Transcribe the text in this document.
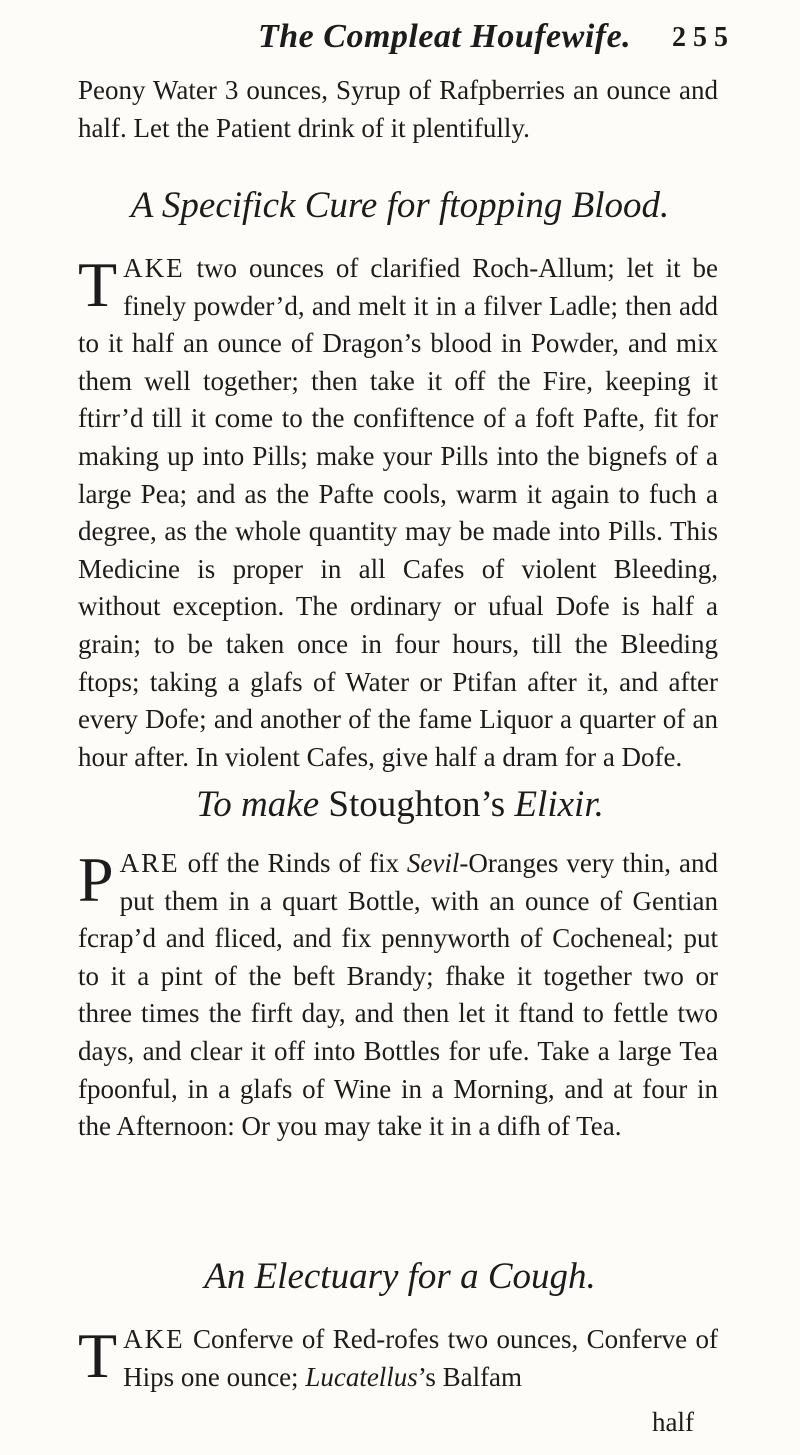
The Compleat Houfewife. 2 5 5

Peony Water 3 ounces, Syrup of Rafpberries an ounce and half. Let the Patient drink of it plentifully.

A Specifick Cure for ftopping Blood.

TAKE two ounces of clarified Roch-Allum; let it be finely powder’d, and melt it in a filver Ladle; then add to it half an ounce of Dragon’s blood in Powder, and mix them well together; then take it off the Fire, keeping it ftirr’d till it come to the confiftence of a foft Pafte, fit for making up into Pills; make your Pills into the bignefs of a large Pea; and as the Pafte cools, warm it again to fuch a degree, as the whole quantity may be made into Pills. This Medicine is proper in all Cafes of violent Bleeding, without exception. The ordinary or ufual Dofe is half a grain; to be taken once in four hours, till the Bleeding ftops; taking a glafs of Water or Ptifan after it, and after every Dofe; and another of the fame Liquor a quarter of an hour after. In violent Cafes, give half a dram for a Dofe.

To make Stoughton’s Elixir.

PARE off the Rinds of fix Sevil-Oranges very thin, and put them in a quart Bottle, with an ounce of Gentian fcrap’d and fliced, and fix pennyworth of Cochenеal; put to it a pint of the beft Brandy; fhake it together two or three times the firft day, and then let it ftand to fettle two days, and clear it off into Bottles for ufe. Take a large Tea fpoonful, in a glafs of Wine in a Morning, and at four in the Afternoon: Or you may take it in a difh of Tea.

An Electuary for a Cough.

TAKE Conferve of Red-rofes two ounces, Conferve of Hips one ounce; Lucatellus’s Balfam

half
